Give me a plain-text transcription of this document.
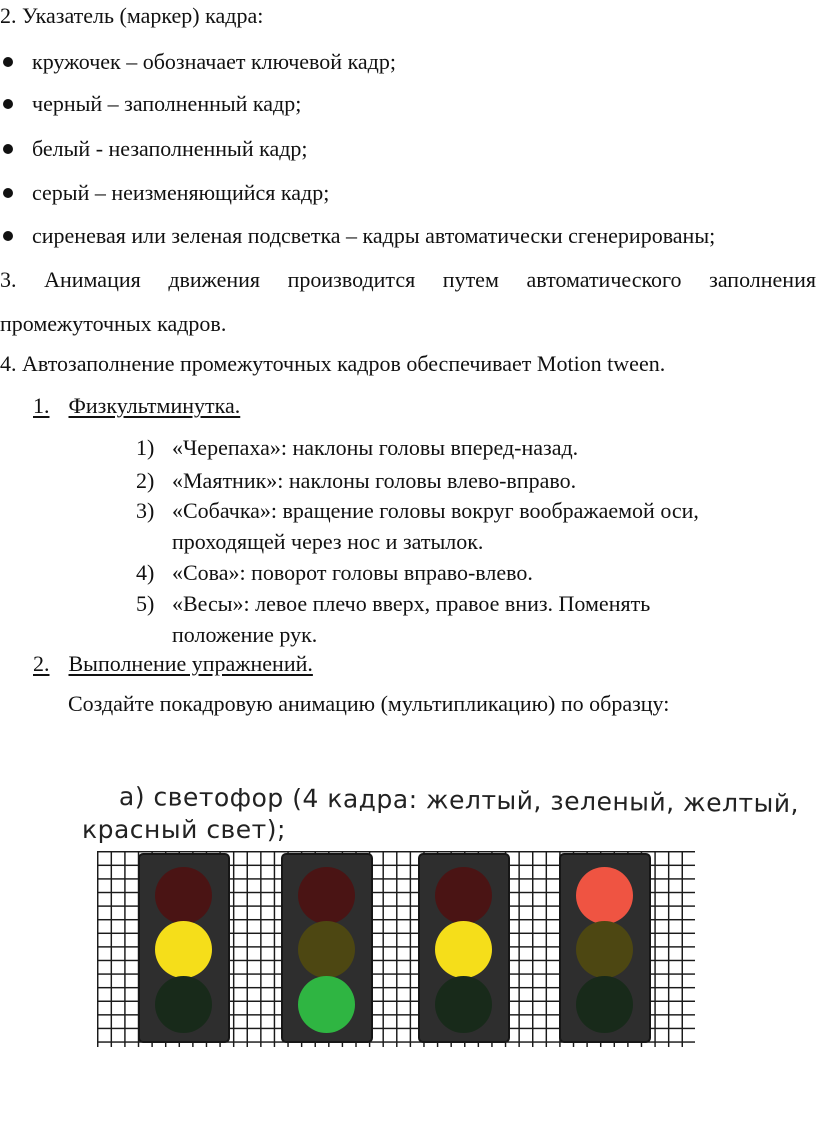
2. Указатель (маркер) кадра:
кружочек – обозначает ключевой кадр;
черный – заполненный кадр;
белый - незаполненный кадр;
серый – неизменяющийся кадр;
сиреневая или зеленая подсветка – кадры автоматически сгенерированы;
3. Анимация движения производится путем автоматического заполнения
промежуточных кадров.
4. Автозаполнение промежуточных кадров обеспечивает Motion tween.
1. Физкультминутка.
1) «Черепаха»: наклоны головы вперед-назад.
2) «Маятник»: наклоны головы влево-вправо.
3) «Собачка»: вращение головы вокруг воображаемой оси,
проходящей через нос и затылок.
4) «Сова»: поворот головы вправо-влево.
5) «Весы»: левое плечо вверх, правое вниз. Поменять
положение рук.
2. Выполнение упражнений.
Создайте покадровую анимацию (мультипликацию) по образцу:
а) светофор (4 кадра: желтый, зеленый, желтый,
красный свет);
